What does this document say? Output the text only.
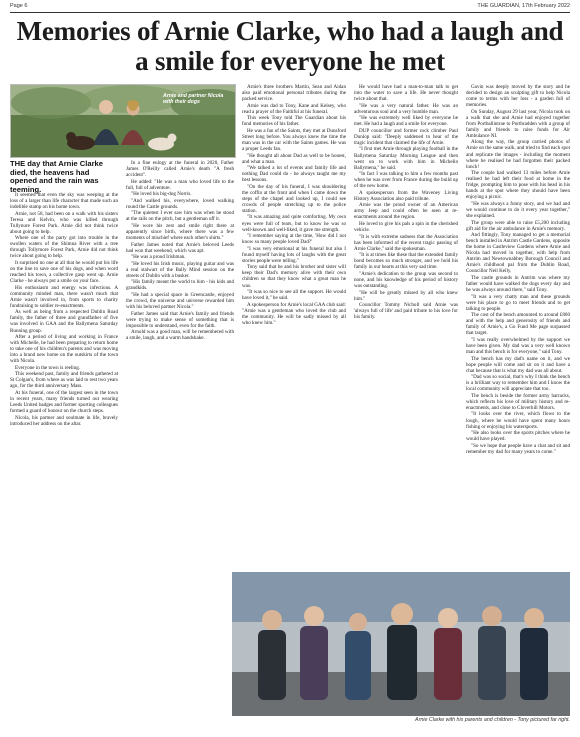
Page 6	THE GUARDIAN, 17th February 2022
Memories of Arnie Clarke, who had a laugh and a smile for everyone he met
Arnie and partner Nicola with their dogs

THE day that Arnie Clarke died, the heavens had opened and the rain was teeming.

It seemed that even the sky was weeping at the loss of a larger than life character that made such an indelible stamp on his home town.

Arnie, not 58, had been on a walk with his sisters Teresa and Kelvin, who was killed through Tullynure Forest Park. Arnie did not think twice about going to help.

Where one of the party got into trouble in the swollen waters of the Shimna River with a tree through Tollymore Forest Park, Arnie did not think twice about going to help.

It surprised no one at all that he would put his life on the line to save one of his dogs, and when word reached his town, a collective gasp went up. Arnie Clarke - he always put a smile on your face.

His enthusiasm and energy was infectious. A community minded man, there wasn't much that Arnie wasn't involved in, from sports to charity fundraising to soldier re-enactments.

As well as being from a respected Dublin Road family, the father of three and grandfather of five was involved in GAA and the Ballymena Saturday Running group.

After a period of living and working in France with Michelle, he had been preparing to return home to take one of his children's parents and was moving into a brand new home on the outskirts of the town with Nicola.

Everyone in the town is reeling.

This weekend past, family and friends gathered at St Colgan's, from where as was laid to rest two years ago, for the third anniversary Mass.

At his funeral, one of the largest seen in the town in recent years, many friends turned out wearing Leeds United badges and former sporting colleagues formed a guard of honour on the church steps.

Nicola, his partner and soulmate in life, bravely introduced her address on the altar.

In a fine eulogy at the funeral in 2020, Father James O'Reilly called Arnie's death "A fresh accident".

He added: "He was a man who loved life to the full, full of adventure.

"He loved his big-dog Norris.

"And walked his, everywhere, loved walking round the Castle grounds.

"The quietest I ever saw him was when he stood at the rails on the pitch, but a gentleman off it.

"He wore his zest and smile right there at apparently since birth, where there was a few moments of mischief where each other's shirts."

Father James noted that Arnie's beloved Leeds had won that weekend, which was apt.

"He was a proud Irishman.

"He loved his Irish music, playing guitar and was a real stalwart of the Bally Mind session on the streets of Dublin with a busker.

"His family meant the world to him - his kids and grandkids.

"He had a special space in Greencastle, enjoyed the crowd, the universe and universe rewarded him with his beloved partner Nicola."

Father James said that Arnie's family and friends were trying to make sense of something that is impossible to understand, even for the faith.

Arnold was a good man, will be remembered with a smile, laugh, and a warm handshake.

Arnie's three brothers Martin, Sean and Aidan also paid emotional personal tributes during the packed service.

Arnie was dad to Tony, Kane and Kelsey, who read a prayer of the Faithful at his funeral.

This week Tony told The Guardian about his fond memories of his father.

He was a fan of the Saints, they met at Dunsford Street long before. You always knew the time the man was in the car with the Saints games. He was a proper Leeds fan.

"He thought all about Dad as well to be honest, and what a man.

"We talked a lot of events and family life and nothing Dad could do - he always taught me my best lessons.

"On the day of his funeral, I was shouldering the coffin at the front and when I came down the steps of the chapel and looked up, I could see crowds of people stretching up to the police station.

"It was amazing and quite comforting. My own eyes were full of tears, but to know he was so well-known and well-liked, it gave me strength.

"I remember saying at the time, 'How did I not know so many people loved Dad?'

"I was very emotional at his funeral but also I found myself having lots of laughs with the great stories people were telling."

Tony said that he and his brother and sister will keep their Dad's memory alive with their own children so that they know what a great man he was.

"It was so nice to see all the support. He would have loved it," he said.

A spokesperson for Arnie's local GAA club said: "Arnie was a gentleman who loved the club and the community. He will be sadly missed by all who knew him."

He would have had a man-to-man talk to get into the water to save a life. He never thought twice about that.

"He was a very natural father. He was an adventurous soul and a very humble man.

"He was extremely well liked by everyone he met. He had a laugh and a smile for everyone.

DUP councillor and former rock climber Paul Dunlop said: "Deeply saddened to hear of the tragic incident that claimed the life of Arnie.

"I first met Arnie through playing football in the Ballymena Saturday Morning League and then went on to work with him in Michelin Ballymena," he said.

"In fact I was talking to him a few months past when he was over from France during the build up of the new home.

A spokesperson from the Waveney Living History Association also paid tribute.

Arnie was the proud owner of an American army Jeep and could often be seen at re-enactments around the region.

He loved to give his pals a spin in the cherished vehicle.

"It is with extreme sadness that the Association has been informed of the recent tragic passing of Arnie Clarke," said the spokesman.

"It is at times like these that the extended family bond becomes so much stronger, and we hold his family in our hearts at this very sad time.

"Arnie's dedication to the group was second to none, and his knowledge of his period of history was outstanding.

"He will be greatly missed by all who knew him."

Councillor Tommy Nicholl said Arnie was 'always full of life' and paid tribute to his love for his family.

Gavin was deeply moved by the story and he decided to design an sculpting gift to help Nicola come to terms with her loss - a garden full of memories.

On Sunday, August 29 last year, Nicola took on a walk that she and Arnie had enjoyed together from Portballintrae to Portbradden with a group of family and friends to raise funds for Air Ambulance NI.

Along the way, the group carried photos of Arnie on the same walk, and tried to find each spot and replicate the images - including the moment where he realised he had forgotten their packed lunch!

The couple had walked 13 miles before Arnie realised he had left their food at home in the fridge, prompting him to pose with his head in his hands at the spot where they should have been enjoying a picnic.

"He was always a funny story, and we had and we would continue to do it every year together," she explained.

The group were able to raise £5,200 including gift aid for the air ambulance in Arnie's memory.

And fittingly, Tony managed to get a memorial bench installed in Antrim Castle Gardens, opposite the home in Castleview Gardens where Arnie and Nicola had moved in together, with help from Antrim and Newtownabbey Borough Council and Arnie's childhood pal from the Dublin Road, Councillor Neil Kelly.

The castle grounds in Antrim was where my father would have walked the dogs every day and he was always around there," said Tony.

"It was a very chatty man and these grounds were his place to go to meet friends and to get talking to people.

The cost of the bench amounted to around £800 and with the help and generosity of friends and family of Arnie's, a Go Fund Me page surpassed that target.

"I was really overwhelmed by the support we have been given. My dad was a very well known man and this bench is for everyone," said Tony.

The bench has my dad's name on it, and we hope people will come and sit on it and have a chat because that is what my dad was all about.

"Dad was so social, that's why I think the bench is a brilliant way to remember him and I know the local community will appreciate that too.

The bench is beside the former army barracks, which reflects his love of military history and re-enactments, and close to Cloverhill Motors.

"It looks over the river, which flows to the lough, where he would have spent many hours fishing or enjoying his watersports.

"He also looks over the sports pitches where he would have played.

"So we hope that people have a chat and sit and remember my dad for many years to come."

Arnie Clarke with his parents and children - Tony pictured far right.
